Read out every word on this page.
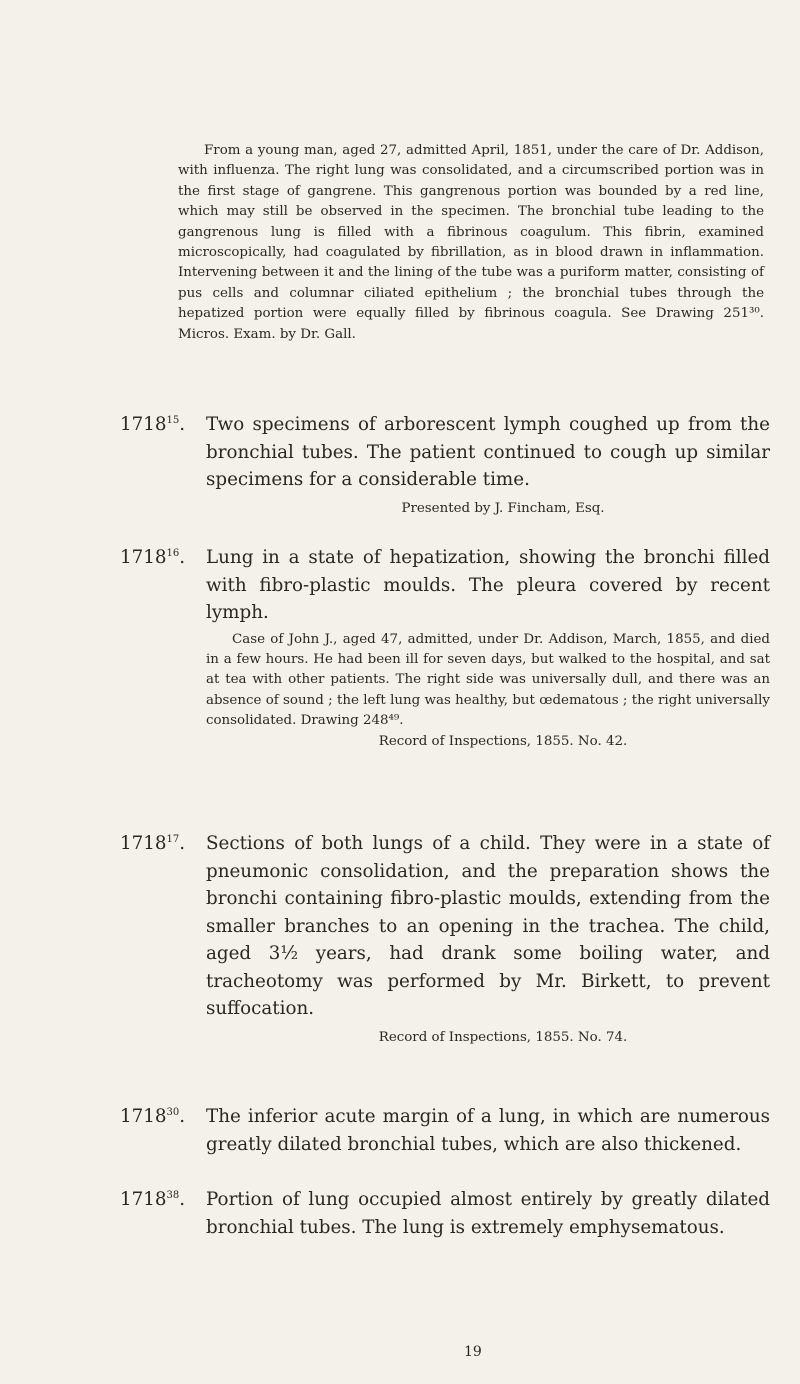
From a young man, aged 27, admitted April, 1851, under the care of Dr. Addison, with influenza. The right lung was consolidated, and a circumscribed portion was in the first stage of gangrene. This gangrenous portion was bounded by a red line, which may still be observed in the specimen. The bronchial tube leading to the gangrenous lung is filled with a fibrinous coagulum. This fibrin, examined microscopically, had coagulated by fibrillation, as in blood drawn in inflammation. Intervening between it and the lining of the tube was a puriform matter, consisting of pus cells and columnar ciliated epithelium ; the bronchial tubes through the hepatized portion were equally filled by fibrinous coagula. See Drawing 251³⁰. Micros. Exam. by Dr. Gall.

1718$^{15}$.	Two specimens of arborescent lymph coughed up from the bronchial tubes. The patient continued to cough up similar specimens for a considerable time.
Presented by J. Fincham, Esq.
1718$^{16}$.	Lung in a state of hepatization, showing the bronchi filled with fibro-plastic moulds. The pleura covered by recent lymph.
Case of John J., aged 47, admitted, under Dr. Addison, March, 1855, and died in a few hours. He had been ill for seven days, but walked to the hospital, and sat at tea with other patients. The right side was universally dull, and there was an absence of sound ; the left lung was healthy, but œdematous ; the right universally consolidated. Drawing 248⁴⁹.
Record of Inspections, 1855. No. 42.
1718$^{17}$.	Sections of both lungs of a child. They were in a state of pneumonic consolidation, and the preparation shows the bronchi containing fibro-plastic moulds, extending from the smaller branches to an opening in the trachea. The child, aged 3½ years, had drank some boiling water, and tracheotomy was performed by Mr. Birkett, to prevent suffocation.
Record of Inspections, 1855. No. 74.
1718$^{30}$.	The inferior acute margin of a lung, in which are numerous greatly dilated bronchial tubes, which are also thickened.
1718$^{38}$.	Portion of lung occupied almost entirely by greatly dilated bronchial tubes. The lung is extremely emphysematous.
19
